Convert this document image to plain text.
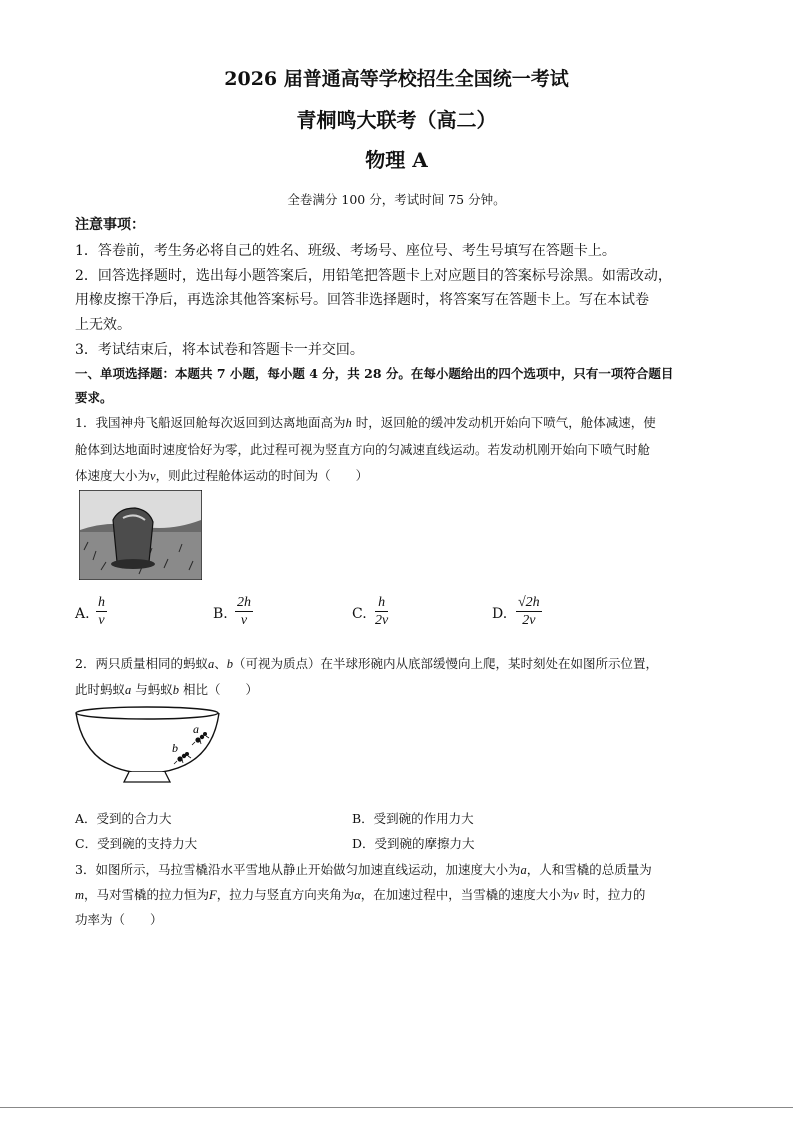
2026 届普通高等学校招生全国统一考试
青桐鸣大联考（高二）
物理 A
全卷满分 100 分，考试时间 75 分钟。
注意事项：
1．答卷前，考生务必将自己的姓名、班级、考场号、座位号、考生号填写在答题卡上。
2．回答选择题时，选出每小题答案后，用铅笔把答题卡上对应题目的答案标号涂黑。如需改动，
用橡皮擦干净后，再选涂其他答案标号。回答非选择题时，将答案写在答题卡上。写在本试卷
上无效。
3．考试结束后，将本试卷和答题卡一并交回。
一、单项选择题：本题共 7 小题，每小题 4 分，共 28 分。在每小题给出的四个选项中，只有一项符合题目
要求。
1．我国神舟飞船返回舱每次返回到达离地面高为h 时，返回舱的缓冲发动机开始向下喷气，舱体减速，使
舱体到达地面时速度恰好为零，此过程可视为竖直方向的匀减速直线运动。若发动机刚开始向下喷气时舱
体速度大小为v，则此过程舱体运动的时间为（　　）
A. $\frac{h}{v}$	B. $\frac{2h}{v}$	C. $\frac{h}{2v}$	D. $\frac{√2h}{2v}$
2．两只质量相同的蚂蚁a、b（可视为质点）在半球形碗内从底部缓慢向上爬，某时刻处在如图所示位置，
此时蚂蚁a 与蚂蚁b 相比（　　）
a
b
A．受到的合力大	B．受到碗的作用力大
C．受到碗的支持力大	D．受到碗的摩擦力大
3．如图所示，马拉雪橇沿水平雪地从静止开始做匀加速直线运动，加速度大小为a，人和雪橇的总质量为
m，马对雪橇的拉力恒为F，拉力与竖直方向夹角为α，在加速过程中，当雪橇的速度大小为v 时，拉力的
功率为（　　）
